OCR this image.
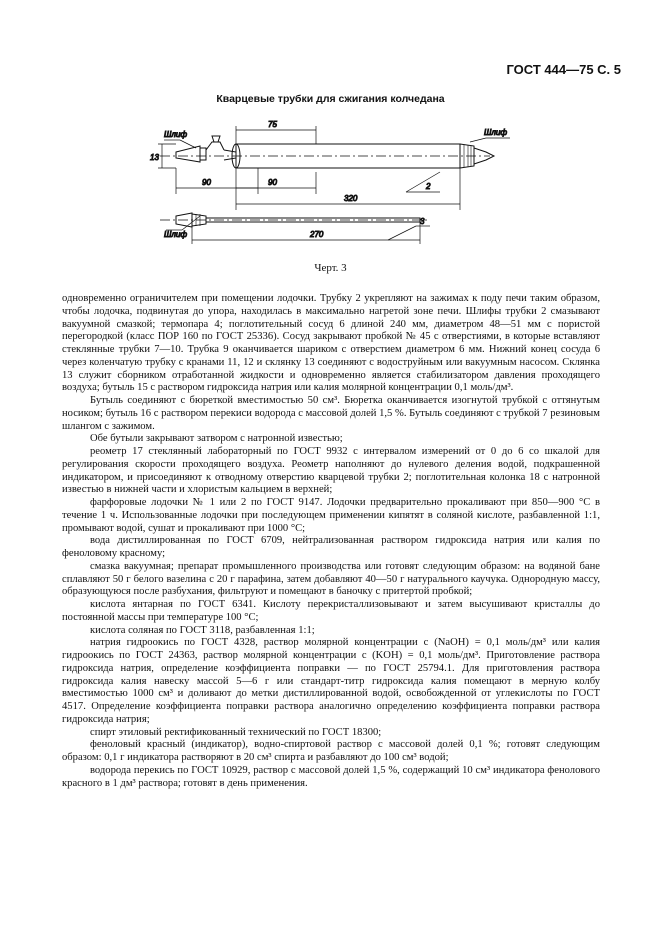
ГОСТ 444—75 С. 5
Кварцевые трубки для сжигания колчедана
Шлиф	Шлиф
Шлиф
75
13
90	90
320
270
2
3
Черт. 3

одновременно ограничителем при помещении лодочки. Трубку 2 укрепляют на зажимах к поду печи таким образом, чтобы лодочка, подвинутая до упора, находилась в максимально нагретой зоне печи. Шлифы трубки 2 смазывают вакуумной смазкой; термопара 4; поглотительный сосуд 6 длиной 240 мм, диаметром 48—51 мм с пористой перегородкой (класс ПОР 160 по ГОСТ 25336). Сосуд закрывают пробкой № 45 с отверстиями, в которые вставляют стеклянные трубки 7—10. Трубка 9 оканчивается шариком с отверстием диаметром 6 мм. Нижний конец сосуда 6 через коленчатую трубку с кранами 11, 12 и склянку 13 соединяют с водоструйным или вакуумным насосом. Склянка 13 служит сборником отработанной жидкости и одновременно является стабилизатором давления проходящего воздуха; бутыль 15 с раствором гидроксида натрия или калия молярной концентрации 0,1 моль/дм³.

Бутыль соединяют с бюреткой вместимостью 50 см³. Бюретка оканчивается изогнутой трубкой с оттянутым носиком; бутыль 16 с раствором перекиси водорода с массовой долей 1,5 %. Бутыль соединяют с трубкой 7 резиновым шлангом с зажимом.

Обе бутыли закрывают затвором с натронной известью;

реометр 17 стеклянный лабораторный по ГОСТ 9932 с интервалом измерений от 0 до 6 со шкалой для регулирования скорости проходящего воздуха. Реометр наполняют до нулевого деления водой, подкрашенной индикатором, и присоединяют к отводному отверстию кварцевой трубки 2; поглотительная колонка 18 с натронной известью в нижней части и хлористым кальцием в верхней;

фарфоровые лодочки № 1 или 2 по ГОСТ 9147. Лодочки предварительно прокаливают при 850—900 °С в течение 1 ч. Использованные лодочки при последующем применении кипятят в соляной кислоте, разбавленной 1:1, промывают водой, сушат и прокаливают при 1000 °С;

вода дистиллированная по ГОСТ 6709, нейтрализованная раствором гидроксида натрия или калия по феноловому красному;

смазка вакуумная; препарат промышленного производства или готовят следующим образом: на водяной бане сплавляют 50 г белого вазелина с 20 г парафина, затем добавляют 40—50 г натурального каучука. Однородную массу, образующуюся после разбухания, фильтруют и помещают в баночку с притертой пробкой;

кислота янтарная по ГОСТ 6341. Кислоту перекристаллизовывают и затем высушивают кристаллы до постоянной массы при температуре 100 °С;

кислота соляная по ГОСТ 3118, разбавленная 1:1;

натрия гидроокись по ГОСТ 4328, раствор молярной концентрации c (NaOH) = 0,1 моль/дм³ или калия гидроокись по ГОСТ 24363, раствор молярной концентрации c (KOH) = 0,1 моль/дм³. Приготовление раствора гидроксида натрия, определение коэффициента поправки — по ГОСТ 25794.1. Для приготовления раствора гидроксида калия навеску массой 5—6 г или стандарт-титр гидроксида калия помещают в мерную колбу вместимостью 1000 см³ и доливают до метки дистиллированной водой, освобожденной от углекислоты по ГОСТ 4517. Определение коэффициента поправки раствора аналогично определению коэффициента поправки раствора гидроксида натрия;

спирт этиловый ректификованный технический по ГОСТ 18300;

феноловый красный (индикатор), водно-спиртовой раствор с массовой долей 0,1 %; готовят следующим образом: 0,1 г индикатора растворяют в 20 см³ спирта и разбавляют до 100 см³ водой;

водорода перекись по ГОСТ 10929, раствор с массовой долей 1,5 %, содержащий 10 см³ индикатора фенолового красного в 1 дм³ раствора; готовят в день применения.
